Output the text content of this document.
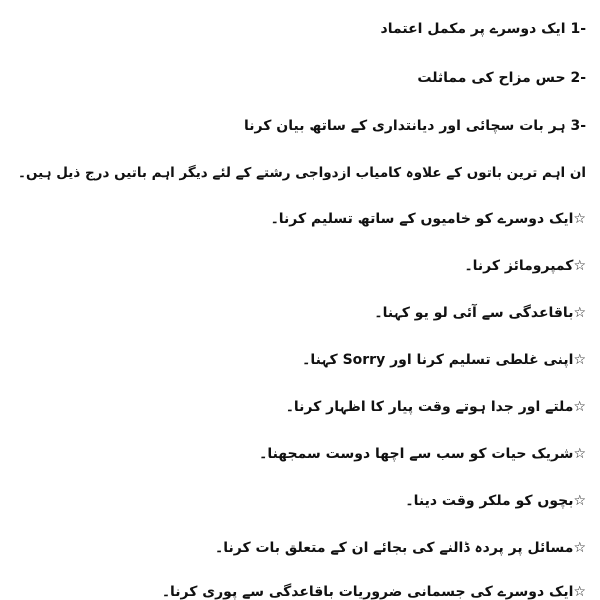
-1 ایک دوسرے پر مکمل اعتماد
-2 حس مزاح کی مماثلت
-3 ہر بات سچائی اور دیانتداری کے ساتھ بیان کرنا
ان اہم ترین باتوں کے علاوہ کامیاب ازدواجی رشتے کے لئے دیگر اہم باتیں درج ذیل ہیں۔
☆ایک دوسرے کو خامیوں کے ساتھ تسلیم کرنا۔
☆کمپرومائز کرنا۔
☆باقاعدگی سے آئی لو یو کہنا۔
☆اپنی غلطی تسلیم کرنا اور Sorry کہنا۔
☆ملتے اور جدا ہوتے وقت پیار کا اظہار کرنا۔
☆شریک حیات کو سب سے اچھا دوست سمجھنا۔
☆بچوں کو ملکر وقت دینا۔
☆مسائل پر پردہ ڈالنے کی بجائے ان کے متعلق بات کرنا۔
☆ایک دوسرے کی جسمانی ضروریات باقاعدگی سے پوری کرنا۔
